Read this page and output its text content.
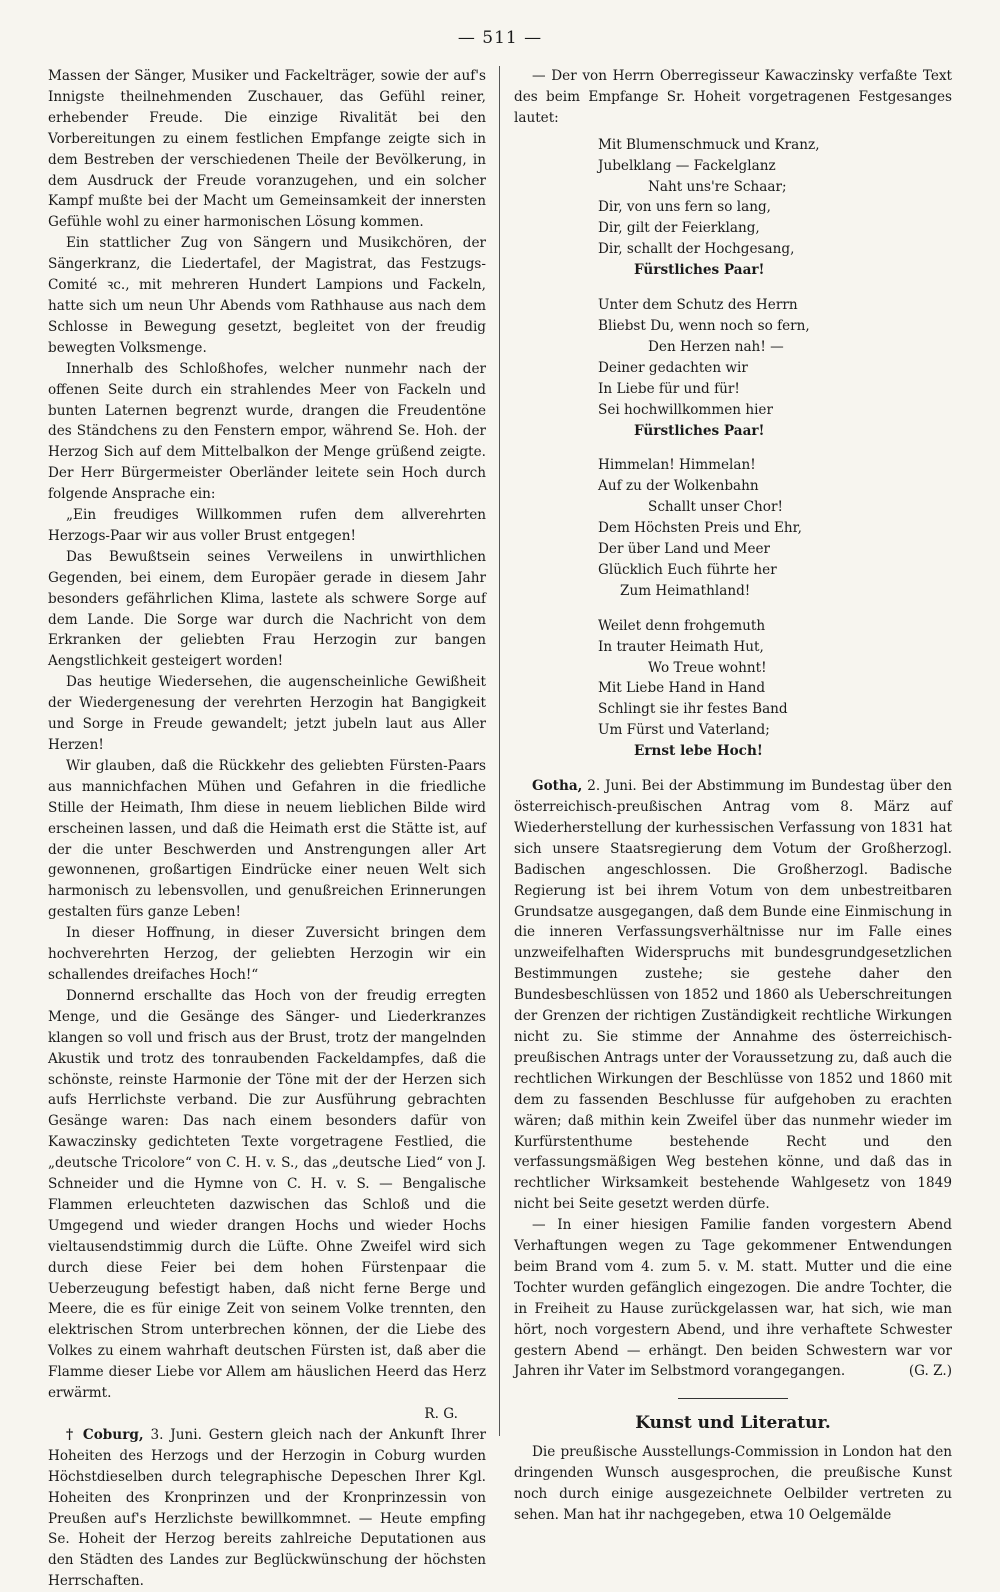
— 511 —

Massen der Sänger, Musiker und Fackelträger, sowie der auf's Innigste theilnehmenden Zuschauer, das Gefühl reiner, erhebender Freude. Die einzige Rivalität bei den Vorbereitungen zu einem festlichen Empfange zeigte sich in dem Bestreben der verschiedenen Theile der Bevölkerung, in dem Ausdruck der Freude voranzugehen, und ein solcher Kampf mußte bei der Macht um Gemeinsamkeit der innersten Gefühle wohl zu einer harmonischen Lösung kommen.

Ein stattlicher Zug von Sängern und Musikchören, der Sängerkranz, die Liedertafel, der Magistrat, das Festzugs-Comité ꝛc., mit mehreren Hundert Lampions und Fackeln, hatte sich um neun Uhr Abends vom Rathhause aus nach dem Schlosse in Bewegung gesetzt, begleitet von der freudig bewegten Volksmenge.

Innerhalb des Schloßhofes, welcher nunmehr nach der offenen Seite durch ein strahlendes Meer von Fackeln und bunten Laternen begrenzt wurde, drangen die Freudentöne des Ständchens zu den Fenstern empor, während Se. Hoh. der Herzog Sich auf dem Mittelbalkon der Menge grüßend zeigte. Der Herr Bürgermeister Oberländer leitete sein Hoch durch folgende Ansprache ein:

„Ein freudiges Willkommen rufen dem allverehrten Herzogs-Paar wir aus voller Brust entgegen!

Das Bewußtsein seines Verweilens in unwirthlichen Gegenden, bei einem, dem Europäer gerade in diesem Jahr besonders gefährlichen Klima, lastete als schwere Sorge auf dem Lande. Die Sorge war durch die Nachricht von dem Erkranken der geliebten Frau Herzogin zur bangen Aengstlichkeit gesteigert worden!

Das heutige Wiedersehen, die augenscheinliche Gewißheit der Wiedergenesung der verehrten Herzogin hat Bangigkeit und Sorge in Freude gewandelt; jetzt jubeln laut aus Aller Herzen!

Wir glauben, daß die Rückkehr des geliebten Fürsten-Paars aus mannichfachen Mühen und Gefahren in die friedliche Stille der Heimath, Ihm diese in neuem lieblichen Bilde wird erscheinen lassen, und daß die Heimath erst die Stätte ist, auf der die unter Beschwerden und Anstrengungen aller Art gewonnenen, großartigen Eindrücke einer neuen Welt sich harmonisch zu lebensvollen, und genußreichen Erinnerungen gestalten fürs ganze Leben!

In dieser Hoffnung, in dieser Zuversicht bringen dem hochverehrten Herzog, der geliebten Herzogin wir ein schallendes dreifaches Hoch!“

Donnernd erschallte das Hoch von der freudig erregten Menge, und die Gesänge des Sänger- und Liederkranzes klangen so voll und frisch aus der Brust, trotz der mangelnden Akustik und trotz des tonraubenden Fackeldampfes, daß die schönste, reinste Harmonie der Töne mit der der Herzen sich aufs Herrlichste verband. Die zur Ausführung gebrachten Gesänge waren: Das nach einem besonders dafür von Kawaczinsky gedichteten Texte vorgetragene Festlied, die „deutsche Tricolore“ von C. H. v. S., das „deutsche Lied“ von J. Schneider und die Hymne von C. H. v. S. — Bengalische Flammen erleuchteten dazwischen das Schloß und die Umgegend und wieder drangen Hochs und wieder Hochs vieltausendstimmig durch die Lüfte. Ohne Zweifel wird sich durch diese Feier bei dem hohen Fürstenpaar die Ueberzeugung befestigt haben, daß nicht ferne Berge und Meere, die es für einige Zeit von seinem Volke trennten, den elektrischen Strom unterbrechen können, der die Liebe des Volkes zu einem wahrhaft deutschen Fürsten ist, daß aber die Flamme dieser Liebe vor Allem am häuslichen Heerd das Herz erwärmt.

R. G.

† Coburg, 3. Juni. Gestern gleich nach der Ankunft Ihrer Hoheiten des Herzogs und der Herzogin in Coburg wurden Höchstdieselben durch telegraphische Depeschen Ihrer Kgl. Hoheiten des Kronprinzen und der Kronprinzessin von Preußen auf's Herzlichste bewillkommnet. — Heute empfing Se. Hoheit der Herzog bereits zahlreiche Deputationen aus den Städten des Landes zur Beglückwünschung der höchsten Herrschaften.

— Der von Herrn Oberregisseur Kawaczinsky verfaßte Text des beim Empfange Sr. Hoheit vorgetragenen Festgesanges lautet:

Mit Blumenschmuck und Kranz,

Jubelklang — Fackelglanz

Naht uns're Schaar;

Dir, von uns fern so lang,

Dir, gilt der Feierklang,

Dir, schallt der Hochgesang,

Fürstliches Paar!

Unter dem Schutz des Herrn

Bliebst Du, wenn noch so fern,

Den Herzen nah! —

Deiner gedachten wir

In Liebe für und für!

Sei hochwillkommen hier

Fürstliches Paar!

Himmelan! Himmelan!

Auf zu der Wolkenbahn

Schallt unser Chor!

Dem Höchsten Preis und Ehr,

Der über Land und Meer

Glücklich Euch führte her

Zum Heimathland!

Weilet denn frohgemuth

In trauter Heimath Hut,

Wo Treue wohnt!

Mit Liebe Hand in Hand

Schlingt sie ihr festes Band

Um Fürst und Vaterland;

Ernst lebe Hoch!

Gotha, 2. Juni. Bei der Abstimmung im Bundestag über den österreichisch-preußischen Antrag vom 8. März auf Wiederherstellung der kurhessischen Verfassung von 1831 hat sich unsere Staatsregierung dem Votum der Großherzogl. Badischen angeschlossen. Die Großherzogl. Badische Regierung ist bei ihrem Votum von dem unbestreitbaren Grundsatze ausgegangen, daß dem Bunde eine Einmischung in die inneren Verfassungsverhältnisse nur im Falle eines unzweifelhaften Widerspruchs mit bundesgrundgesetzlichen Bestimmungen zustehe; sie gestehe daher den Bundesbeschlüssen von 1852 und 1860 als Ueberschreitungen der Grenzen der richtigen Zuständigkeit rechtliche Wirkungen nicht zu. Sie stimme der Annahme des österreichisch-preußischen Antrags unter der Voraussetzung zu, daß auch die rechtlichen Wirkungen der Beschlüsse von 1852 und 1860 mit dem zu fassenden Beschlusse für aufgehoben zu erachten wären; daß mithin kein Zweifel über das nunmehr wieder im Kurfürstenthume bestehende Recht und den verfassungsmäßigen Weg bestehen könne, und daß das in rechtlicher Wirksamkeit bestehende Wahlgesetz von 1849 nicht bei Seite gesetzt werden dürfe.

— In einer hiesigen Familie fanden vorgestern Abend Verhaftungen wegen zu Tage gekommener Entwendungen beim Brand vom 4. zum 5. v. M. statt. Mutter und die eine Tochter wurden gefänglich eingezogen. Die andre Tochter, die in Freiheit zu Hause zurückgelassen war, hat sich, wie man hört, noch vorgestern Abend, und ihre verhaftete Schwester gestern Abend — erhängt. Den beiden Schwestern war vor Jahren ihr Vater im Selbstmord vorangegangen.	(G. Z.)

Kunst und Literatur.

Die preußische Ausstellungs-Commission in London hat den dringenden Wunsch ausgesprochen, die preußische Kunst noch durch einige ausgezeichnete Oelbilder vertreten zu sehen. Man hat ihr nachgegeben, etwa 10 Oelgemälde
